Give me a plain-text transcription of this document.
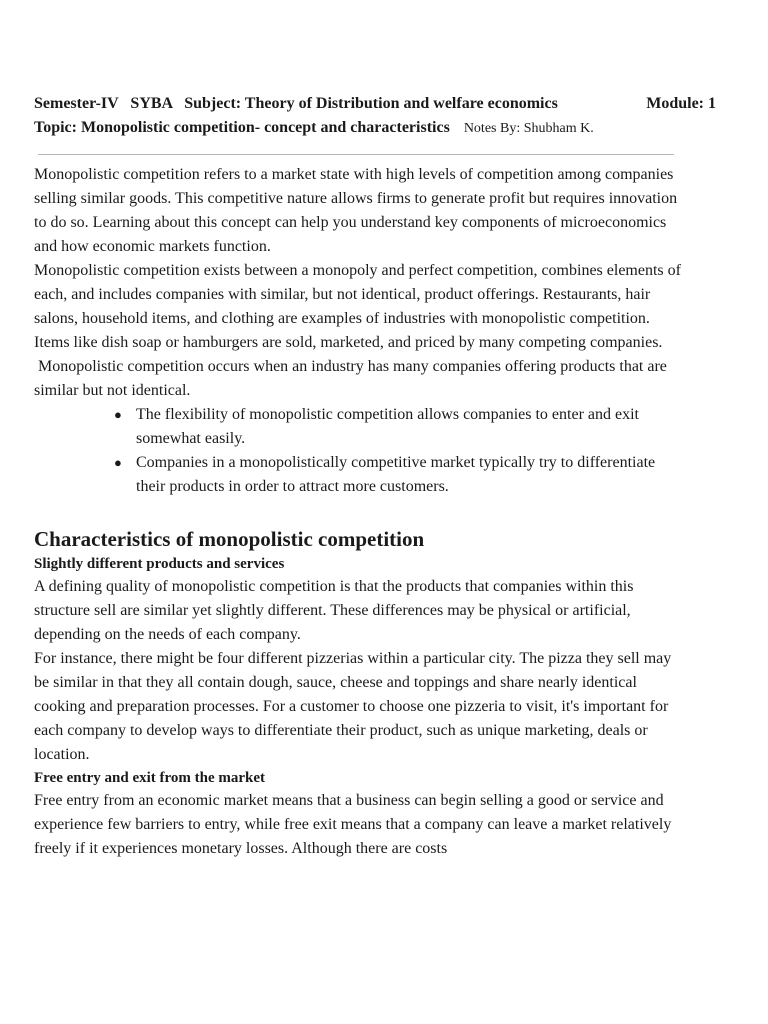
Semester-IV   SYBA   Subject: Theory of Distribution and welfare economics	Module: 1
Topic: Monopolistic competition- concept and characteristics Notes By: Shubham K.

Monopolistic competition refers to a market state with high levels of competition among companies selling similar goods. This competitive nature allows firms to generate profit but requires innovation to do so. Learning about this concept can help you understand key components of microeconomics and how economic markets function.

Monopolistic competition exists between a monopoly and perfect competition, combines elements of each, and includes companies with similar, but not identical, product offerings. Restaurants, hair salons, household items, and clothing are examples of industries with monopolistic competition. Items like dish soap or hamburgers are sold, marketed, and priced by many competing companies.

Monopolistic competition occurs when an industry has many companies offering products that are similar but not identical.

● The flexibility of monopolistic competition allows companies to enter and exit somewhat easily.
● Companies in a monopolistically competitive market typically try to differentiate their products in order to attract more customers.
Characteristics of monopolistic competition
Slightly different products and services

A defining quality of monopolistic competition is that the products that companies within this structure sell are similar yet slightly different. These differences may be physical or artificial, depending on the needs of each company.

For instance, there might be four different pizzerias within a particular city. The pizza they sell may be similar in that they all contain dough, sauce, cheese and toppings and share nearly identical cooking and preparation processes. For a customer to choose one pizzeria to visit, it's important for each company to develop ways to differentiate their product, such as unique marketing, deals or location.

Free entry and exit from the market

Free entry from an economic market means that a business can begin selling a good or service and experience few barriers to entry, while free exit means that a company can leave a market relatively freely if it experiences monetary losses. Although there are costs
